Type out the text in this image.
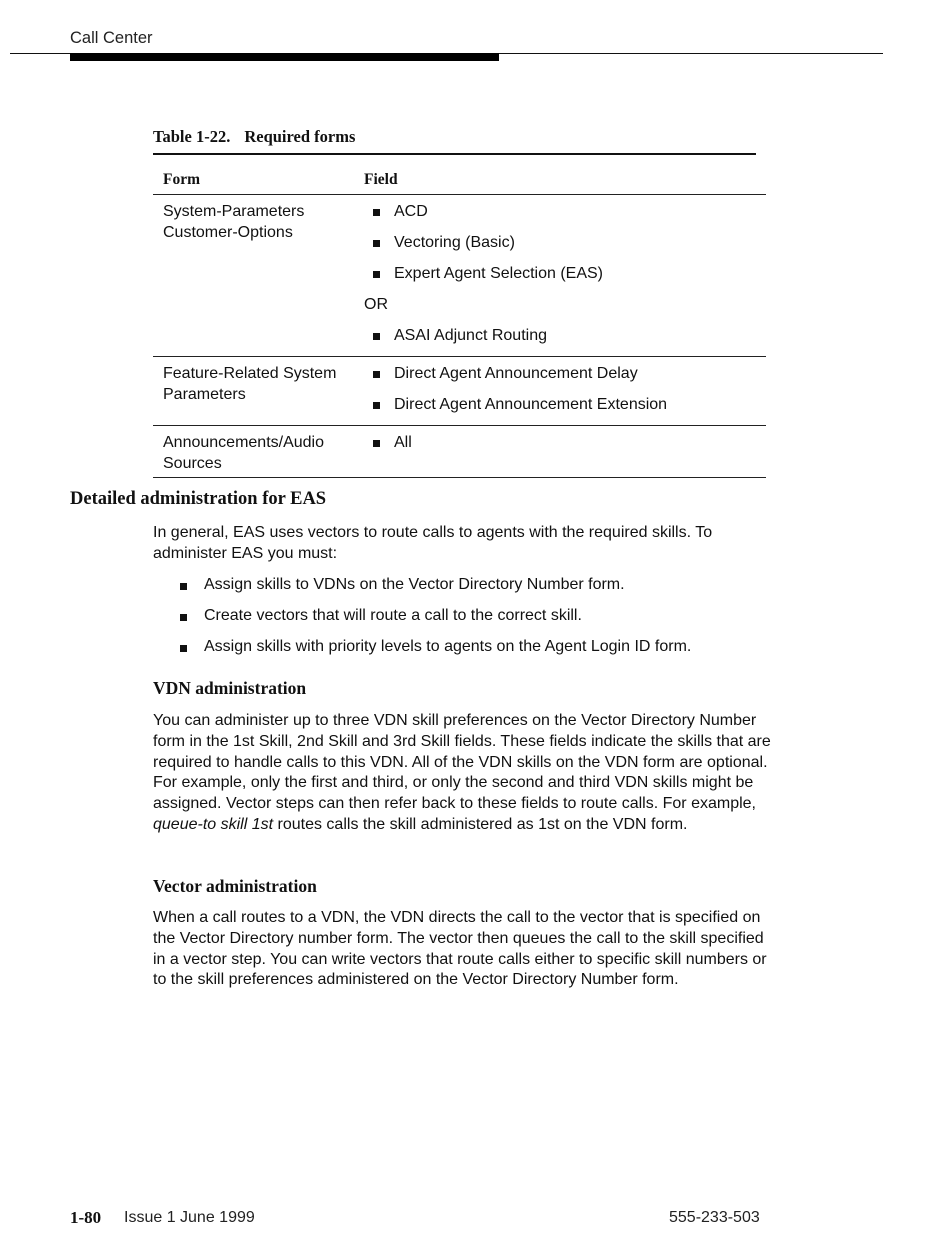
Call Center
Table 1-22. Required forms
Form	Field
System-Parameters Customer-Options
ACD
Vectoring (Basic)
Expert Agent Selection (EAS)
OR
ASAI Adjunct Routing
Feature-Related System Parameters
Direct Agent Announcement Delay
Direct Agent Announcement Extension
Announcements/Audio Sources
All
Detailed administration for EAS
In general, EAS uses vectors to route calls to agents with the required skills. To administer EAS you must:
Assign skills to VDNs on the Vector Directory Number form.
Create vectors that will route a call to the correct skill.
Assign skills with priority levels to agents on the Agent Login ID form.
VDN administration
You can administer up to three VDN skill preferences on the Vector Directory Number form in the 1st Skill, 2nd Skill and 3rd Skill fields. These fields indicate the skills that are required to handle calls to this VDN. All of the VDN skills on the VDN form are optional. For example, only the first and third, or only the second and third VDN skills might be assigned. Vector steps can then refer back to these fields to route calls. For example, queue-to skill 1st routes calls the skill administered as 1st on the VDN form.
Vector administration
When a call routes to a VDN, the VDN directs the call to the vector that is specified on the Vector Directory number form. The vector then queues the call to the skill specified in a vector step. You can write vectors that route calls either to specific skill numbers or to the skill preferences administered on the Vector Directory Number form.
1-80 Issue 1 June 1999	555-233-503
